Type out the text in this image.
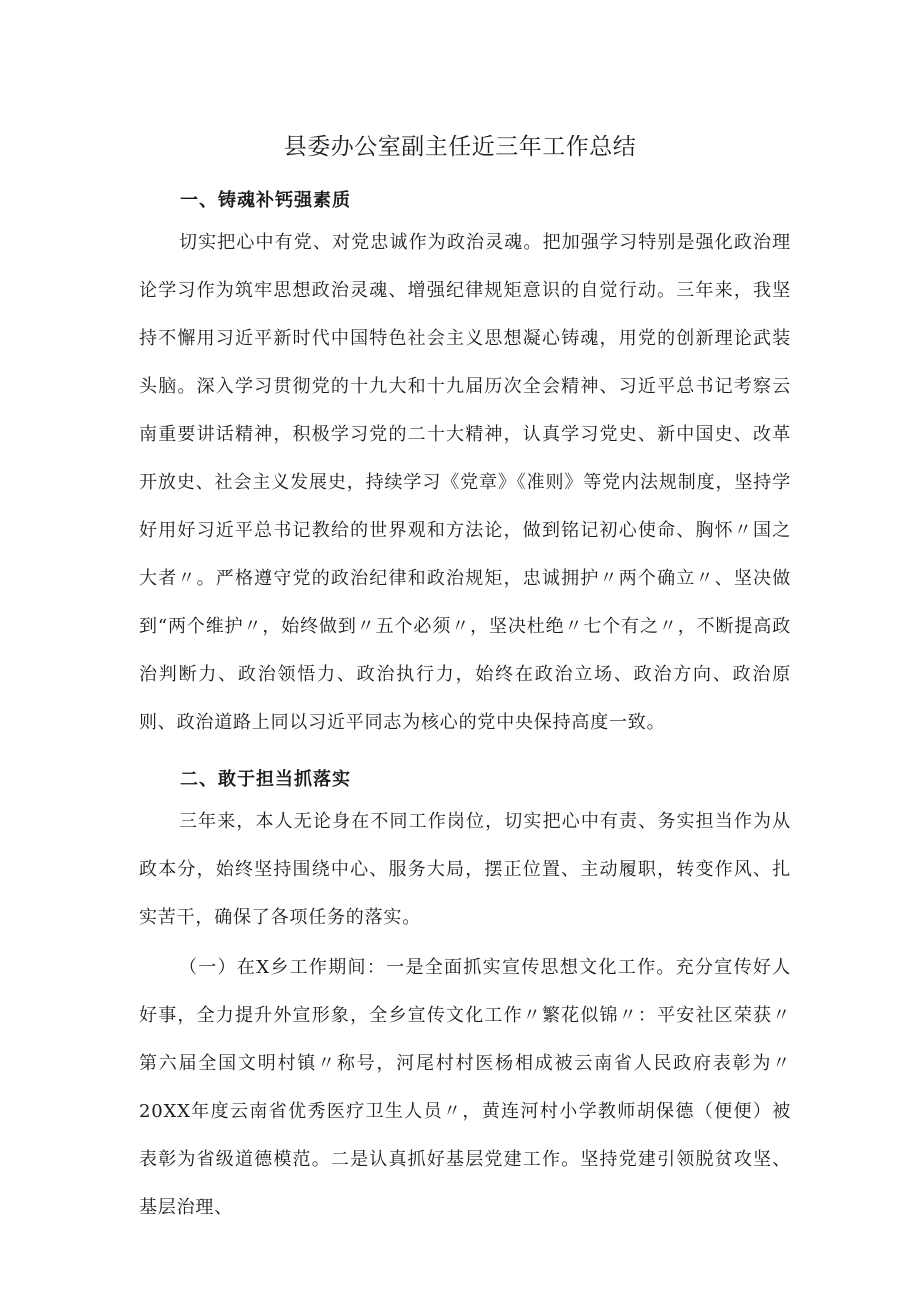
县委办公室副主任近三年工作总结
一、铸魂补钙强素质

切实把心中有党、对党忠诚作为政治灵魂。把加强学习特别是强化政治理论学习作为筑牢思想政治灵魂、增强纪律规矩意识的自觉行动。三年来，我坚持不懈用习近平新时代中国特色社会主义思想凝心铸魂，用党的创新理论武装头脑。深入学习贯彻党的十九大和十九届历次全会精神、习近平总书记考察云南重要讲话精神，积极学习党的二十大精神，认真学习党史、新中国史、改革开放史、社会主义发展史，持续学习《党章》《准则》等党内法规制度，坚持学好用好习近平总书记教给的世界观和方法论，做到铭记初心使命、胸怀〃国之大者〃。严格遵守党的政治纪律和政治规矩，忠诚拥护〃两个确立〃、坚决做到“两个维护〃，始终做到〃五个必须〃，坚决杜绝〃七个有之〃，不断提高政治判断力、政治领悟力、政治执行力，始终在政治立场、政治方向、政治原则、政治道路上同以习近平同志为核心的党中央保持高度一致。

二、敢于担当抓落实

三年来，本人无论身在不同工作岗位，切实把心中有责、务实担当作为从政本分，始终坚持围绕中心、服务大局，摆正位置、主动履职，转变作风、扎实苦干，确保了各项任务的落实。

（一）在X乡工作期间：一是全面抓实宣传思想文化工作。充分宣传好人好事，全力提升外宣形象，全乡宣传文化工作〃繁花似锦〃：平安社区荣获〃第六届全国文明村镇〃称号，河尾村村医杨相成被云南省人民政府表彰为〃20XX年度云南省优秀医疗卫生人员〃，黄连河村小学教师胡保德（便便）被表彰为省级道德模范。二是认真抓好基层党建工作。坚持党建引领脱贫攻坚、基层治理、
